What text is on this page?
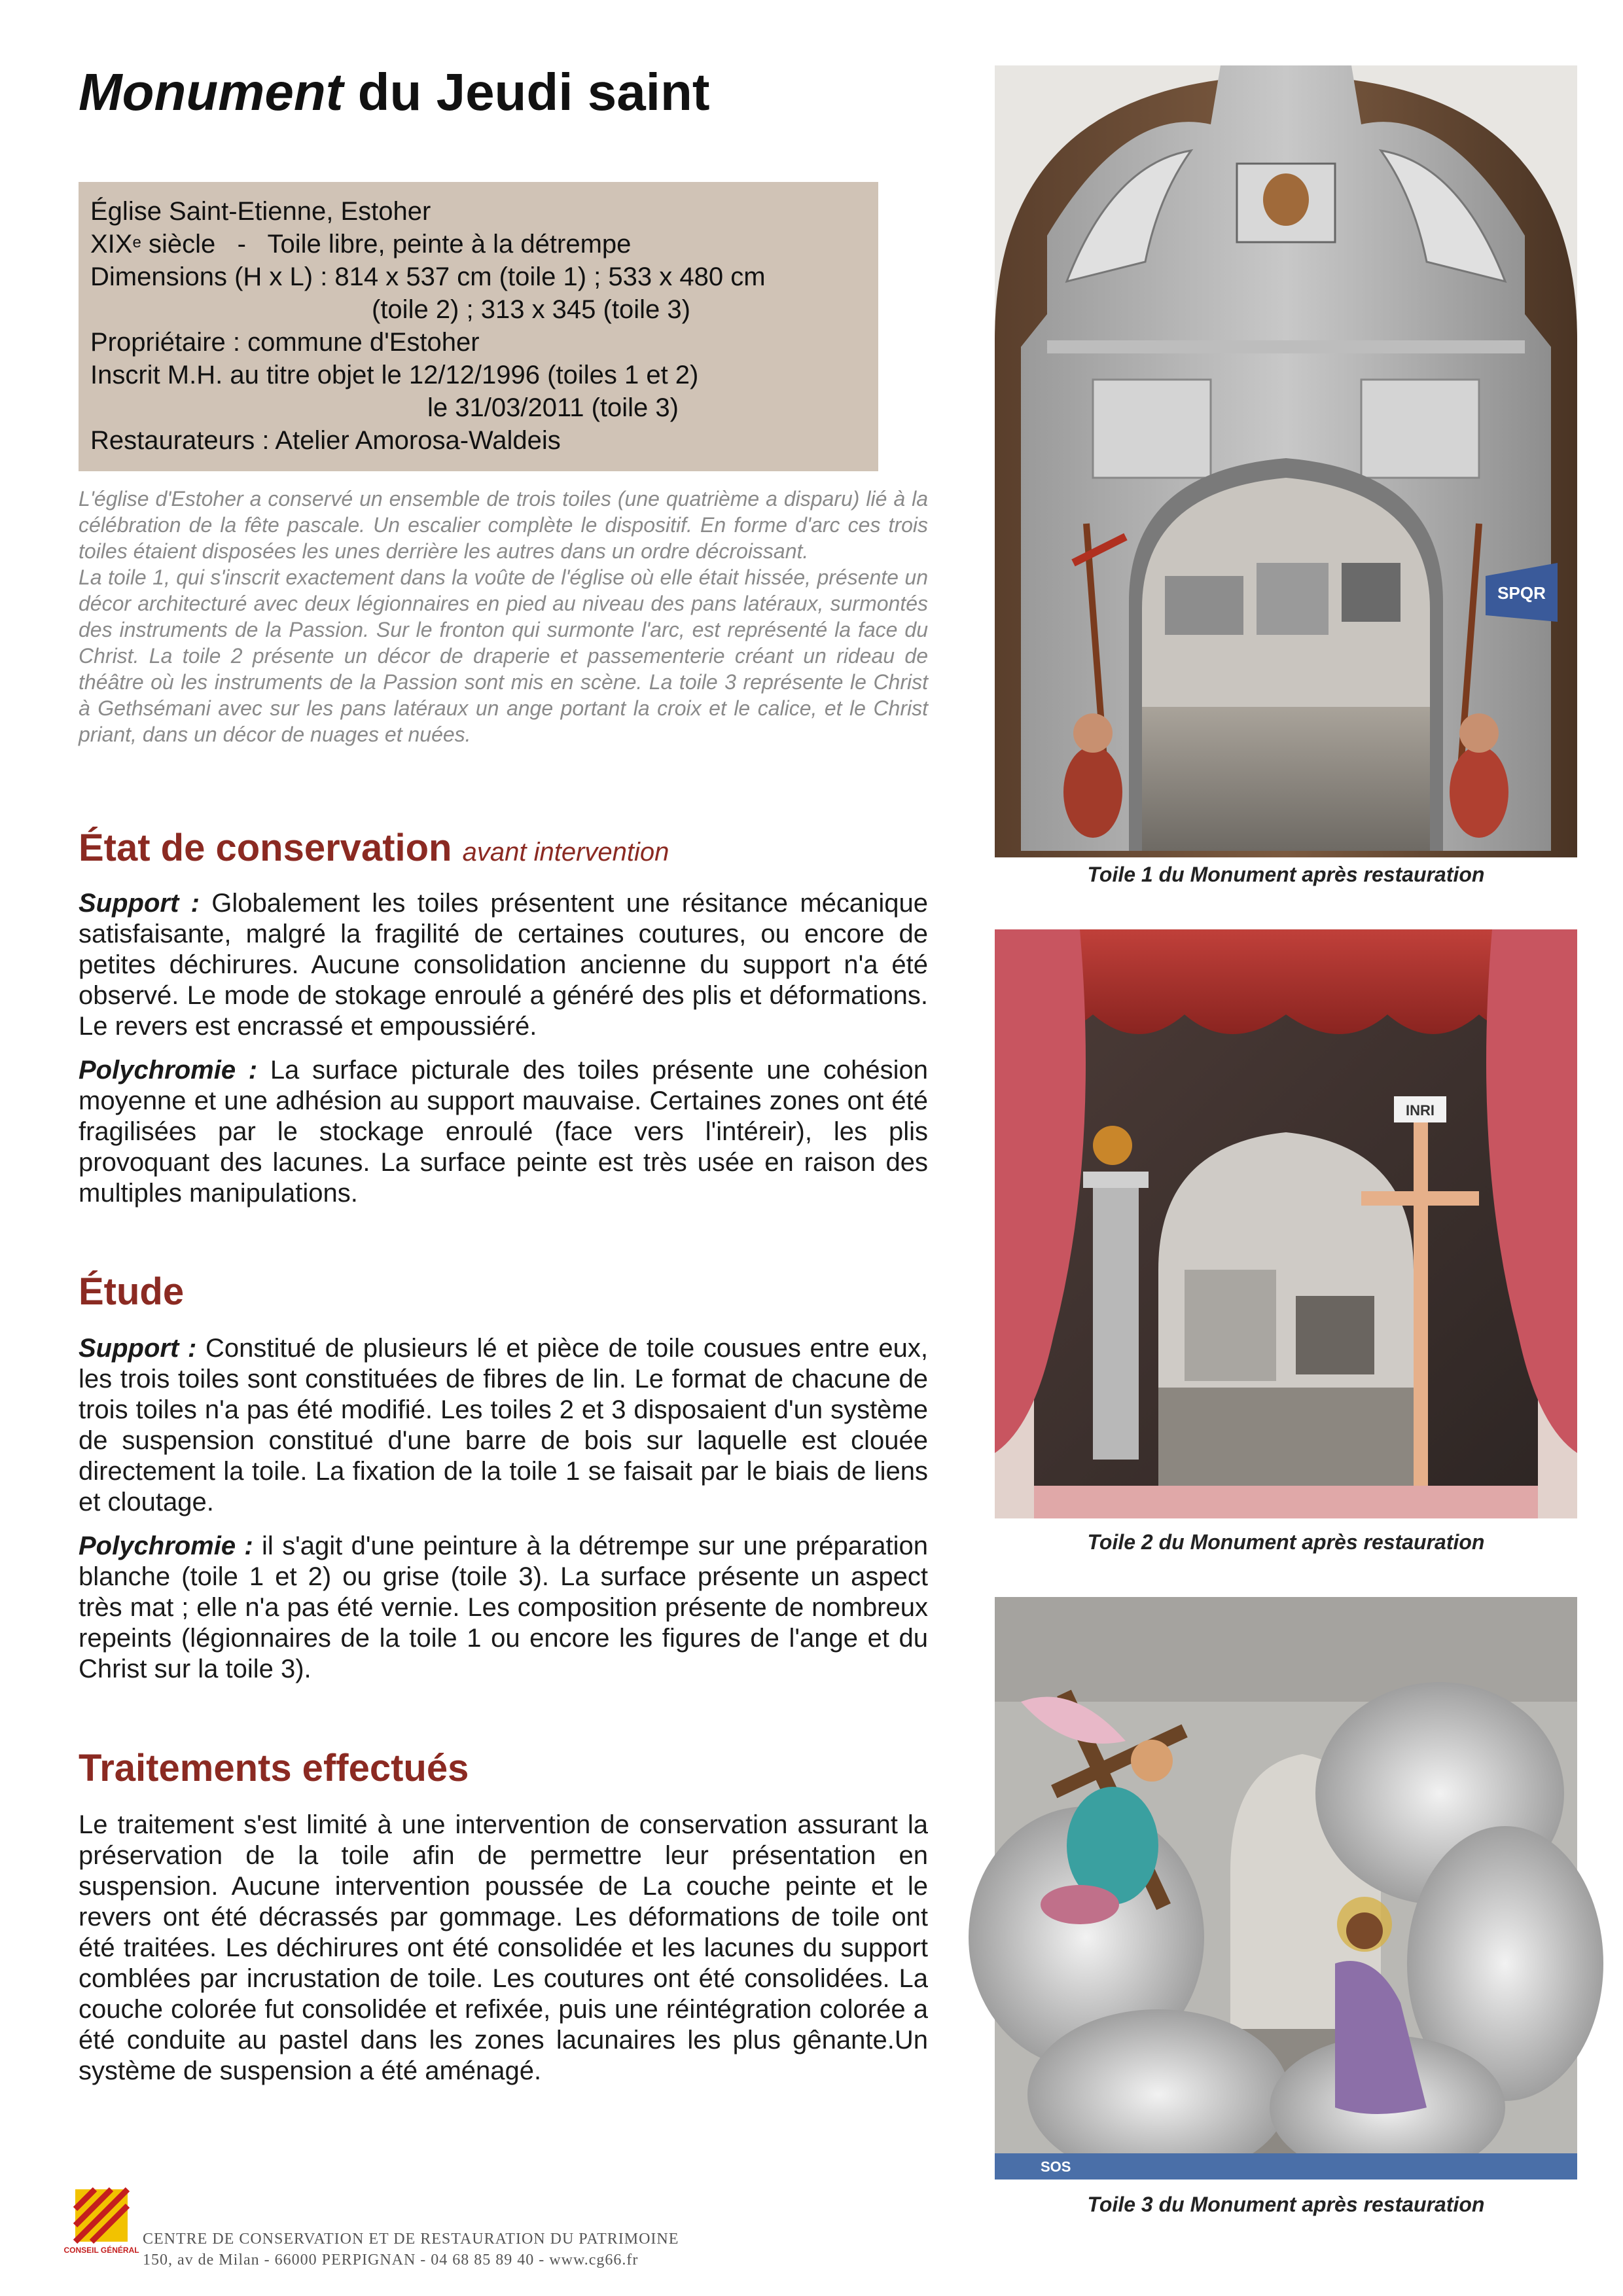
Monument du Jeudi saint
Église Saint-Etienne, Estoher
XIXe siècle   -   Toile libre, peinte à la détrempe
Dimensions (H x L) : 814 x 537 cm (toile 1) ; 533 x 480 cm
(toile 2) ; 313 x 345 (toile 3)
Propriétaire : commune d'Estoher
Inscrit M.H. au titre objet le 12/12/1996 (toiles 1 et 2)
le 31/03/2011 (toile 3)
Restaurateurs : Atelier Amorosa-Waldeis

L'église d'Estoher a conservé un ensemble de trois toiles (une quatrième a disparu) lié à la célébration de la fête pascale. Un escalier complète le dispositif. En forme d'arc ces trois toiles étaient disposées les unes derrière les autres dans un ordre décroissant.

La toile 1, qui s'inscrit exactement dans la voûte de l'église où elle était hissée, présente un décor architecturé avec deux légionnaires en pied au niveau des pans latéraux, surmontés des instruments de la Passion. Sur le fronton qui surmonte l'arc, est représenté la face du Christ. La toile 2 présente un décor de draperie et passementerie créant un rideau de théâtre où les instruments de la Passion sont mis en scène. La toile 3 représente le Christ à Gethsémani avec sur les pans latéraux un ange portant la croix et le calice, et le Christ priant, dans un décor de nuages et nuées.

État de conservation avant intervention

Support : Globalement les toiles présentent une résitance mécanique satisfaisante, malgré la fragilité de certaines coutures, ou encore de petites déchirures. Aucune consolidation ancienne du support n'a été observé. Le mode de stokage enroulé a généré des plis et déformations. Le revers est encrassé et empoussiéré.

Polychromie : La surface picturale des toiles présente une cohésion moyenne et une adhésion au support mauvaise. Certaines zones ont été fragilisées par le stockage enroulé (face vers l'intéreir), les plis provoquant des lacunes. La surface peinte est très usée en raison des multiples manipulations.

Étude

Support : Constitué de plusieurs lé et pièce de toile cousues entre eux, les trois toiles sont constituées de fibres de lin. Le format de chacune de trois toiles n'a pas été modifié. Les toiles 2 et 3 disposaient d'un système de suspension constitué d'une barre de bois sur laquelle est clouée directement la toile. La fixation de la toile 1 se faisait par le biais de liens et cloutage.

Polychromie : il s'agit d'une peinture à la détrempe sur une préparation blanche (toile 1 et 2) ou grise (toile 3). La surface présente un aspect très mat ; elle n'a pas été vernie. Les composition présente de nombreux repeints (légionnaires de la toile 1 ou encore les figures de l'ange et du Christ sur la toile 3).

Traitements effectués

Le traitement s'est limité à une intervention de conservation assurant la préservation de la toile afin de permettre leur présentation en suspension. Aucune intervention poussée de La couche peinte et le revers ont été décrassés par gommage. Les déformations de toile ont été traitées. Les déchirures ont été consolidée et les lacunes du support comblées par incrustation de toile. Les coutures ont été consolidées. La couche colorée fut consolidée et refixée, puis une réintégration colorée a été conduite au pastel dans les zones lacunaires les plus gênante.Un système de suspension a été aménagé.

SPQR
Toile 1 du Monument après restauration
INRI
Toile 2 du Monument après restauration
SOS
Toile 3 du Monument après restauration
CONSEIL GÉNÉRAL
CENTRE DE CONSERVATION ET DE RESTAURATION DU PATRIMOINE
150, av de Milan - 66000 PERPIGNAN - 04 68 85 89 40 - www.cg66.fr
